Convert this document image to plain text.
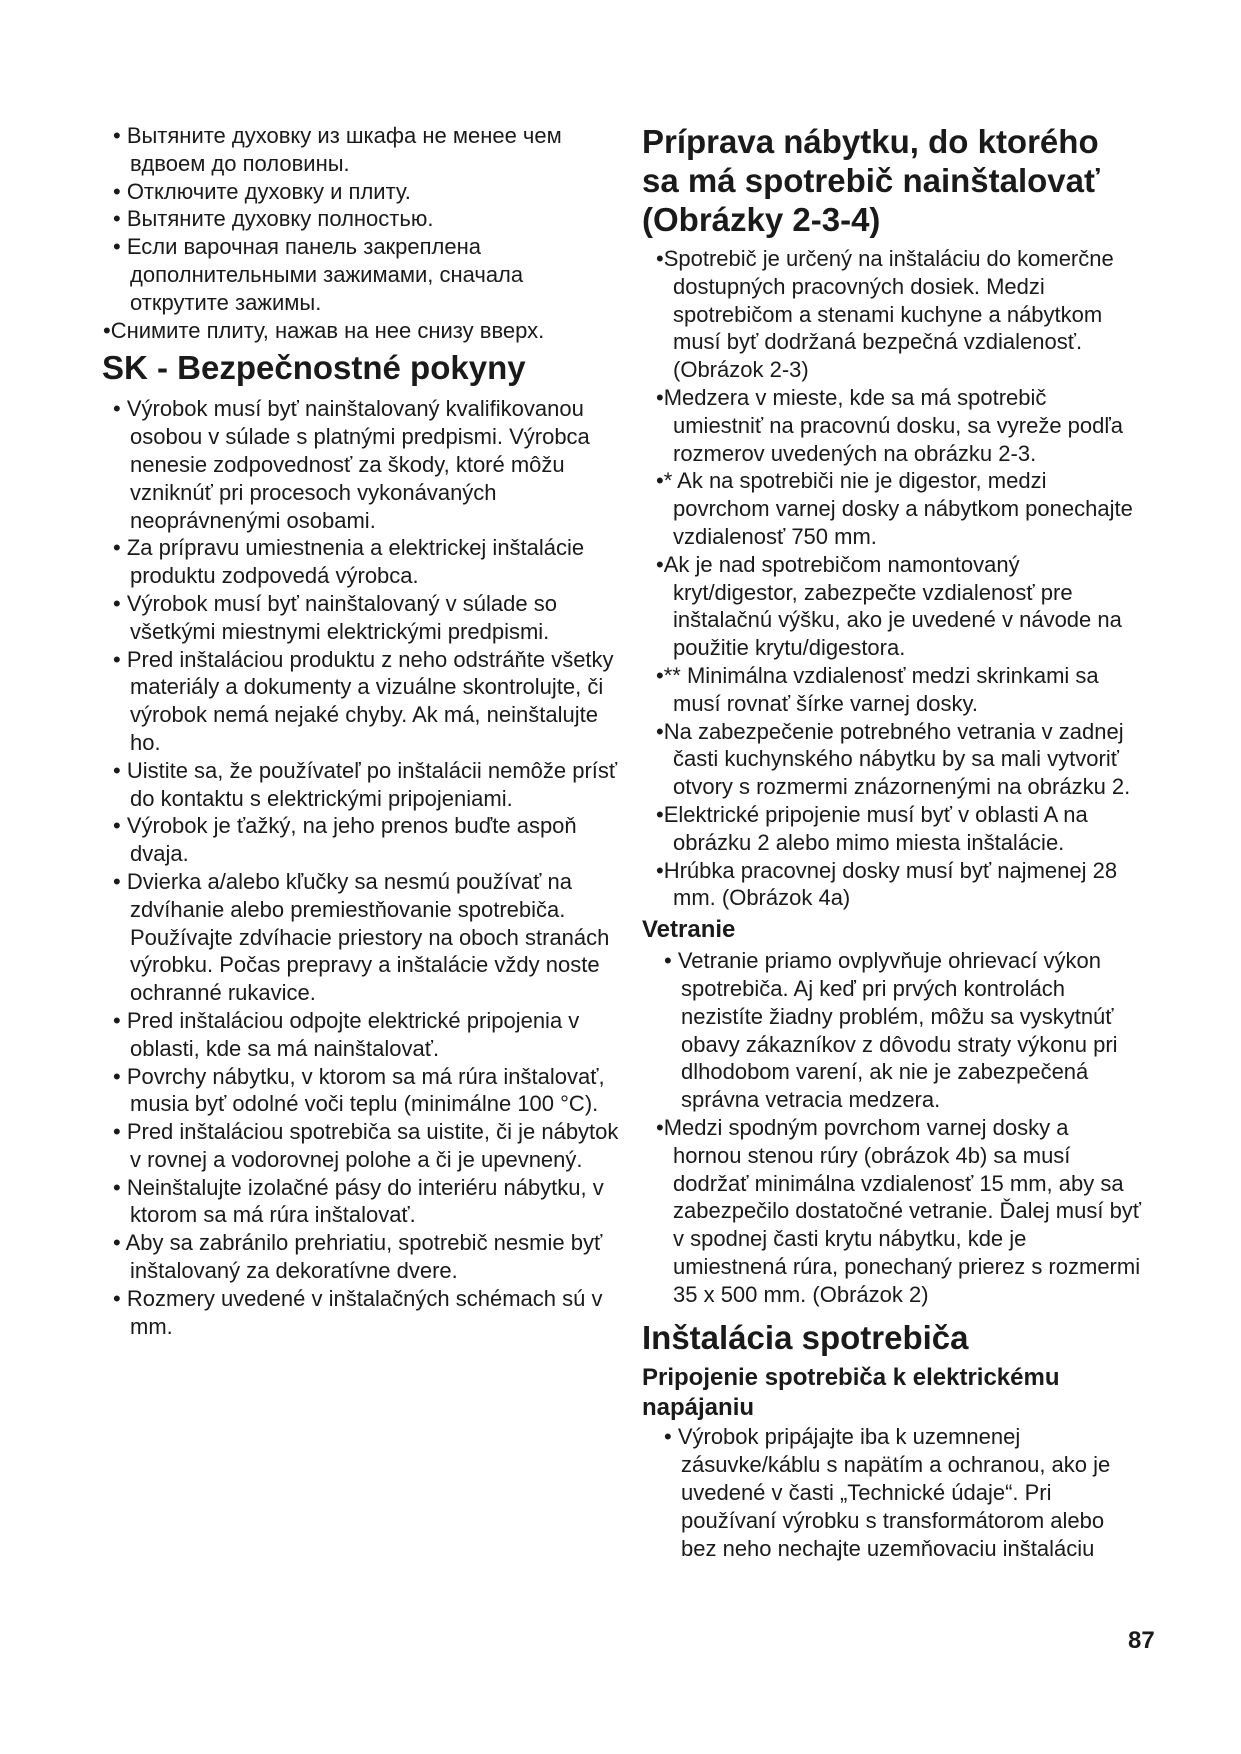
• Вытяните духовку из шкафа не менее чем вдвоем до половины.
• Отключите духовку и плиту.
• Вытяните духовку полностью.
• Если варочная панель закреплена дополнительными зажимами, сначала открутите зажимы.
•Снимите плиту, нажав на нее снизу вверх.
SK - Bezpečnostné pokyny
• Výrobok musí byť nainštalovaný kvalifikovanou osobou v súlade s platnými predpismi. Výrobca nenesie zodpovednosť za škody, ktoré môžu vzniknúť pri procesoch vykonávaných neoprávnenými osobami.
• Za prípravu umiestnenia a elektrickej inštalácie produktu zodpovedá výrobca.
• Výrobok musí byť nainštalovaný v súlade so všetkými miestnymi elektrickými predpismi.
• Pred inštaláciou produktu z neho odstráňte všetky materiály a dokumenty a vizuálne skontrolujte, či výrobok nemá nejaké chyby. Ak má, neinštalujte ho.
• Uistite sa, že používateľ po inštalácii nemôže prísť do kontaktu s elektrickými pripojeniami.
• Výrobok je ťažký, na jeho prenos buďte aspoň dvaja.
• Dvierka a/alebo kľučky sa nesmú používať na zdvíhanie alebo premiestňovanie spotrebiča. Používajte zdvíhacie priestory na oboch stranách výrobku. Počas prepravy a inštalácie vždy noste ochranné rukavice.
• Pred inštaláciou odpojte elektrické pripojenia v oblasti, kde sa má nainštalovať.
• Povrchy nábytku, v ktorom sa má rúra inštalovať, musia byť odolné voči teplu (minimálne 100 °C).
• Pred inštaláciou spotrebiča sa uistite, či je nábytok v rovnej a vodorovnej polohe a či je upevnený.
• Neinštalujte izolačné pásy do interiéru nábytku, v ktorom sa má rúra inštalovať.
• Aby sa zabránilo prehriatiu, spotrebič nesmie byť inštalovaný za dekoratívne dvere.
• Rozmery uvedené v inštalačných schémach sú v mm.
Príprava nábytku, do ktorého sa má spotrebič nainštalovať (Obrázky 2-3-4)
•Spotrebič je určený na inštaláciu do komerčne dostupných pracovných dosiek. Medzi spotrebičom a stenami kuchyne a nábytkom musí byť dodržaná bezpečná vzdialenosť. (Obrázok 2-3)
•Medzera v mieste, kde sa má spotrebič umiestniť na pracovnú dosku, sa vyreže podľa rozmerov uvedených na obrázku 2-3.
•* Ak na spotrebiči nie je digestor, medzi povrchom varnej dosky a nábytkom ponechajte vzdialenosť 750 mm.
•Ak je nad spotrebičom namontovaný kryt/digestor, zabezpečte vzdialenosť pre inštalačnú výšku, ako je uvedené v návode na použitie krytu/digestora.
•** Minimálna vzdialenosť medzi skrinkami sa musí rovnať šírke varnej dosky.
•Na zabezpečenie potrebného vetrania v zadnej časti kuchynského nábytku by sa mali vytvoriť otvory s rozmermi znázornenými na obrázku 2.
•Elektrické pripojenie musí byť v oblasti A na obrázku 2 alebo mimo miesta inštalácie.
•Hrúbka pracovnej dosky musí byť najmenej 28 mm. (Obrázok 4a)
Vetranie
• Vetranie priamo ovplyvňuje ohrievací výkon spotrebiča. Aj keď pri prvých kontrolách nezistíte žiadny problém, môžu sa vyskytnúť obavy zákazníkov z dôvodu straty výkonu pri dlhodobom varení, ak nie je zabezpečená správna vetracia medzera.
•Medzi spodným povrchom varnej dosky a hornou stenou rúry (obrázok 4b) sa musí dodržať minimálna vzdialenosť 15 mm, aby sa zabezpečilo dostatočné vetranie. Ďalej musí byť v spodnej časti krytu nábytku, kde je umiestnená rúra, ponechaný prierez s rozmermi 35 x 500 mm. (Obrázok 2)
Inštalácia spotrebiča
Pripojenie spotrebiča k elektrickému napájaniu
• Výrobok pripájajte iba k uzemnenej zásuvke/káblu s napätím a ochranou, ako je uvedené v časti „Technické údaje“. Pri používaní výrobku s transformátorom alebo bez neho nechajte uzemňovaciu inštaláciu
87
